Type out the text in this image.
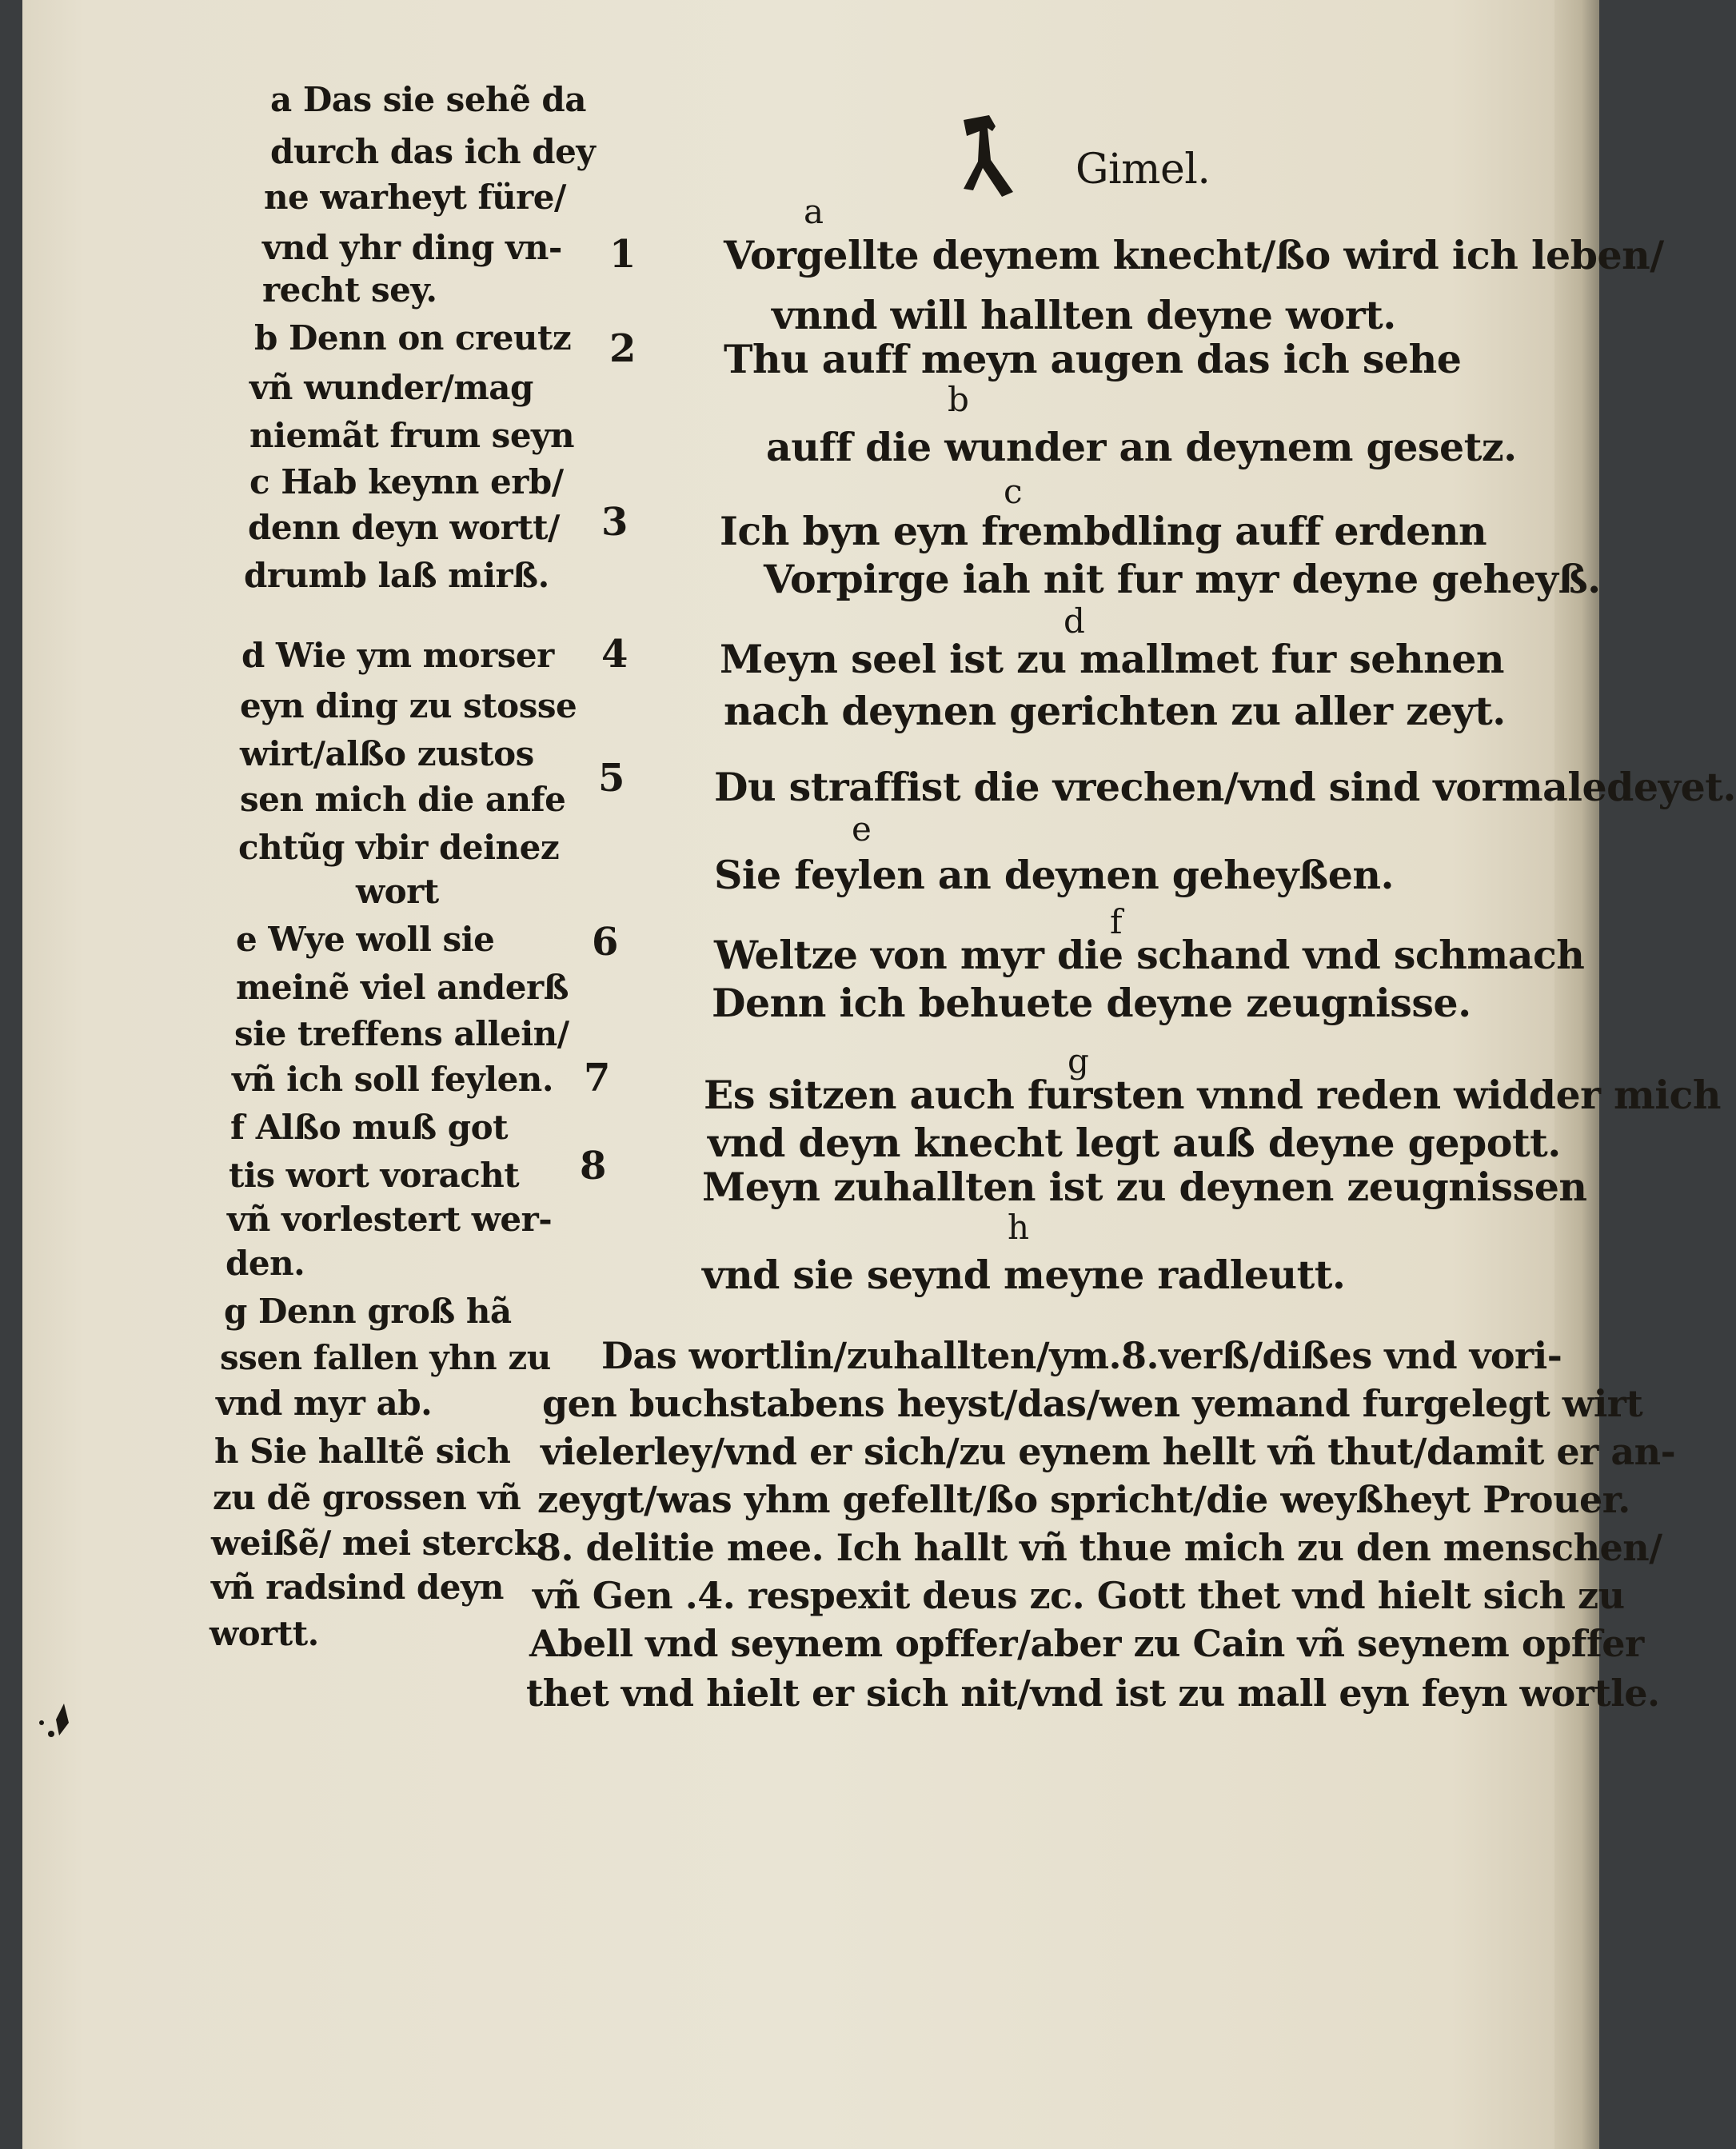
Gimel.
a Das sie sehẽ da
durch das ich dey
ne warheyt füre/
vnd yhr ding vn-
recht sey.
b Denn on creutz
vñ wunder/mag
niemãt frum seyn
c Hab keynn erb/
denn deyn wortt/
drumb laß mirß.
d Wie ym morser
eyn ding zu stosse
wirt/alßo zustos
sen mich die anfe
chtũg vbir deinez
wort
e Wye woll sie
meinẽ viel anderß
sie treffens allein/
vñ ich soll feylen.
f Alßo muß got
tis wort voracht
vñ vorlestert wer-
den.
g Denn groß hã
ssen fallen yhn zu
vnd myr ab.
h Sie halltẽ sich
zu dẽ grossen vñ
weißẽ/ mei sterck
vñ radsind deyn
wortt.
1
2
3
4
5
6
7
8
a
b
c
d
e
f
g
h
Vorgellte deynem knecht/ßo wird ich leben/
vnnd will hallten deyne wort.
Thu auff meyn augen das ich sehe
auff die wunder an deynem gesetz.
Ich byn eyn frembdling auff erdenn
Vorpirge iah nit fur myr deyne geheyß.
Meyn seel ist zu mallmet fur sehnen
nach deynen gerichten zu aller zeyt.
Du straffist die vrechen/vnd sind vormaledeyet.
Sie feylen an deynen geheyßen.
Weltze von myr die schand vnd schmach
Denn ich behuete deyne zeugnisse.
Es sitzen auch fursten vnnd reden widder mich
vnd deyn knecht legt auß deyne gepott.
Meyn zuhallten ist zu deynen zeugnissen
vnd sie seynd meyne radleutt.
Das wortlin/zuhallten/ym.8.verß/dißes vnd vori-
gen buchstabens heyst/das/wen yemand furgelegt wirt
vielerley/vnd er sich/zu eynem hellt vñ thut/damit er an-
zeygt/was yhm gefellt/ßo spricht/die weyßheyt Prouer.
8. delitie mee. Ich hallt vñ thue mich zu den menschen/
vñ Gen .4. respexit deus zc. Gott thet vnd hielt sich zu
Abell vnd seynem opffer/aber zu Cain vñ seynem opffer
thet vnd hielt er sich nit/vnd ist zu mall eyn feyn wortle.
